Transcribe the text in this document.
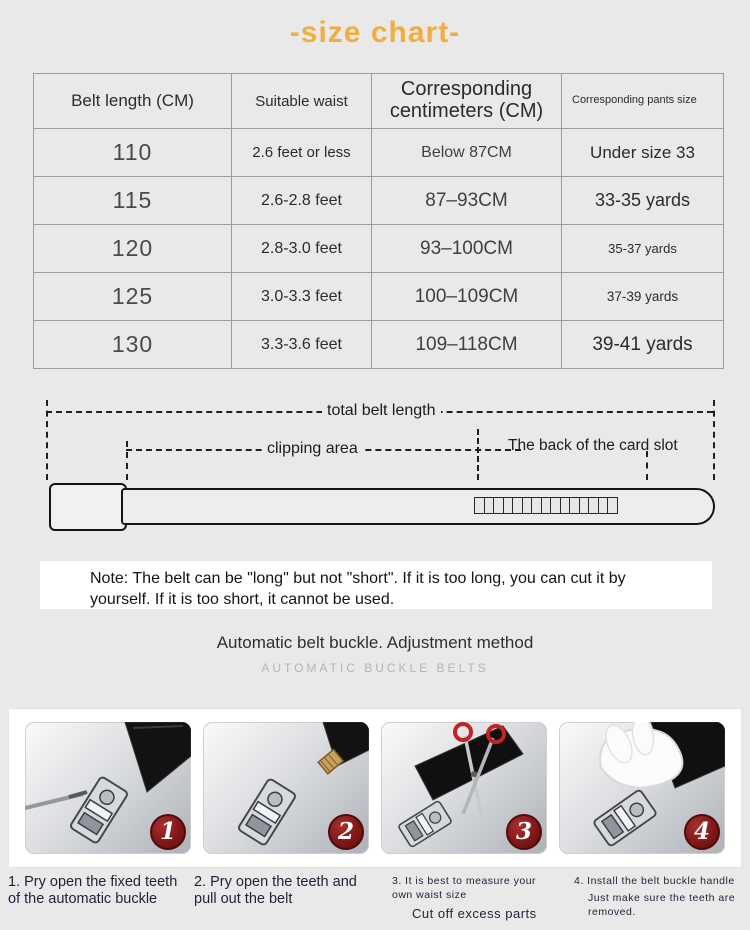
-size chart-
Belt length (CM)	Suitable waist	Corresponding centimeters (CM)	Corresponding pants size
110	2.6 feet or less	Below 87CM	Under size 33
115	2.6-2.8 feet	87–93CM	33-35 yards
120	2.8-3.0 feet	93–100CM	35-37 yards
125	3.0-3.3 feet	100–109CM	37-39 yards
130	3.3-3.6 feet	109–118CM	39-41 yards
total belt length
clipping area	The back of the card slot
Note: The belt can be "long" but not "short". If it is too long, you can cut it by yourself. If it is too short, it cannot be used.
Automatic belt buckle. Adjustment method
AUTOMATIC BUCKLE BELTS
1	2	3	4
1. Pry open the fixed teeth of the automatic buckle
2. Pry open the teeth and pull out the belt
3. It is best to measure your own waist size
Cut off excess parts
4. Install the belt buckle handle
Just make sure the teeth are removed.
